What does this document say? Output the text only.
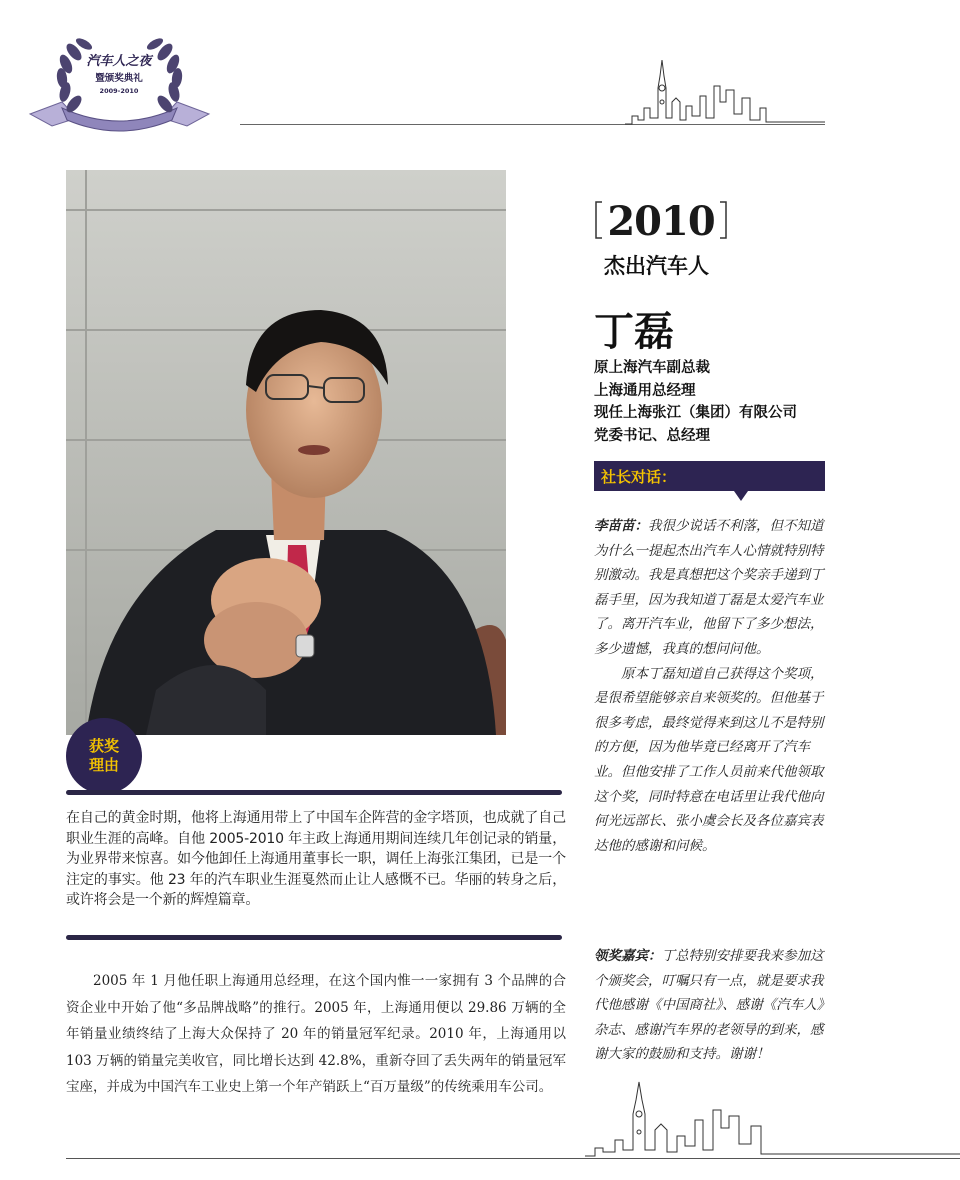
汽车人之夜
暨颁奖典礼
2009-2010
获奖
理由
在自己的黄金时期，他将上海通用带上了中国车企阵营的金字塔顶，也成就了自己职业生涯的高峰。自他 2005-2010 年主政上海通用期间连续几年创记录的销量，为业界带来惊喜。如今他卸任上海通用董事长一职，调任上海张江集团，已是一个注定的事实。他 23 年的汽车职业生涯戛然而止让人感慨不已。华丽的转身之后，或许将会是一个新的辉煌篇章。

2005 年 1 月他任职上海通用总经理，在这个国内惟一一家拥有 3 个品牌的合资企业中开始了他“多品牌战略”的推行。2005 年，上海通用便以 29.86 万辆的全年销量业绩终结了上海大众保持了 20 年的销量冠军纪录。2010 年，上海通用以 103 万辆的销量完美收官，同比增长达到 42.8%，重新夺回了丢失两年的销量冠军宝座，并成为中国汽车工业史上第一个年产销跃上“百万量级”的传统乘用车公司。

2010
杰出汽车人
丁磊
原上海汽车副总裁
上海通用总经理
现任上海张江（集团）有限公司
党委书记、总经理
社长对话：

李苗苗：我很少说话不利落，但不知道为什么一提起杰出汽车人心情就特别特别激动。我是真想把这个奖亲手递到丁磊手里，因为我知道丁磊是太爱汽车业了。离开汽车业，他留下了多少想法，多少遗憾，我真的想问问他。

原本丁磊知道自己获得这个奖项，是很希望能够亲自来领奖的。但他基于很多考虑，最终觉得来到这儿不是特别的方便，因为他毕竟已经离开了汽车业。但他安排了工作人员前来代他领取这个奖，同时特意在电话里让我代他向何光远部长、张小虞会长及各位嘉宾表达他的感谢和问候。

领奖嘉宾：丁总特别安排要我来参加这个颁奖会，叮嘱只有一点，就是要求我代他感谢《中国商社》、感谢《汽车人》杂志、感谢汽车界的老领导的到来，感谢大家的鼓励和支持。谢谢！
